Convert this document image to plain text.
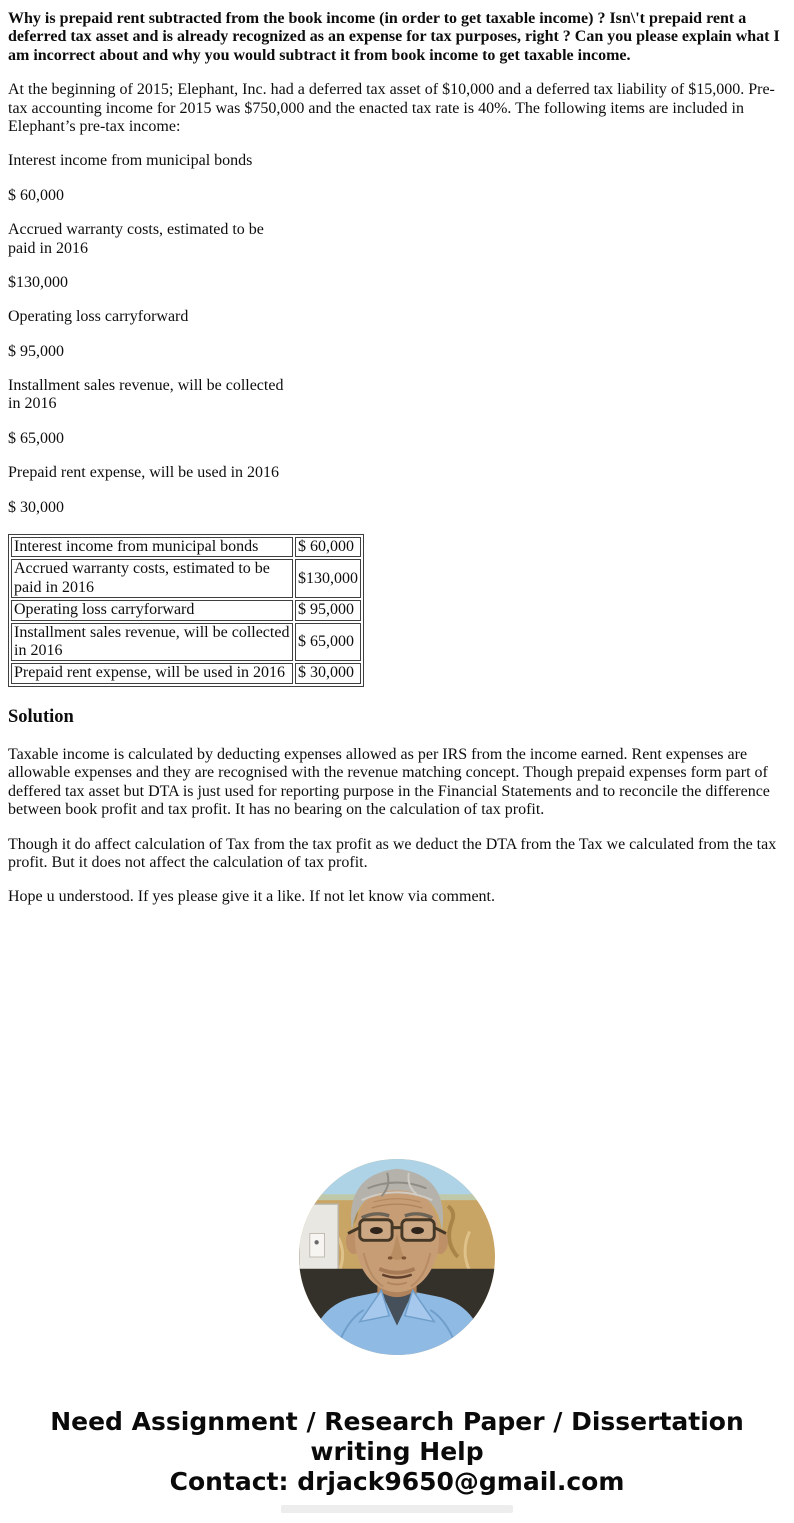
Why is prepaid rent subtracted from the book income (in order to get taxable income) ? Isn\'t prepaid rent a deferred tax asset and is already recognized as an expense for tax purposes, right ? Can you please explain what I am incorrect about and why you would subtract it from book income to get taxable income.

At the beginning of 2015; Elephant, Inc. had a deferred tax asset of $10,000 and a deferred tax liability of $15,000. Pre-tax accounting income for 2015 was $750,000 and the enacted tax rate is 40%. The following items are included in Elephant’s pre-tax income:

Interest income from municipal bonds

$ 60,000

Accrued warranty costs, estimated to be paid in 2016

$130,000

Operating loss carryforward

$ 95,000

Installment sales revenue, will be collected in 2016

$ 65,000

Prepaid rent expense, will be used in 2016

$ 30,000

Interest income from municipal bonds	$ 60,000
Accrued warranty costs, estimated to be paid in 2016	$130,000
Operating loss carryforward	$ 95,000
Installment sales revenue, will be collected in 2016	$ 65,000
Prepaid rent expense, will be used in 2016	$ 30,000
Solution

Taxable income is calculated by deducting expenses allowed as per IRS from the income earned. Rent expenses are allowable expenses and they are recognised with the revenue matching concept. Though prepaid expenses form part of deffered tax asset but DTA is just used for reporting purpose in the Financial Statements and to reconcile the difference between book profit and tax profit. It has no bearing on the calculation of tax profit.

Though it do affect calculation of Tax from the tax profit as we deduct the DTA from the Tax we calculated from the tax profit. But it does not affect the calculation of tax profit.

Hope u understood. If yes please give it a like. If not let know via comment.

Need Assignment / Research Paper / Dissertation writing Help
Contact: drjack9650@gmail.com
